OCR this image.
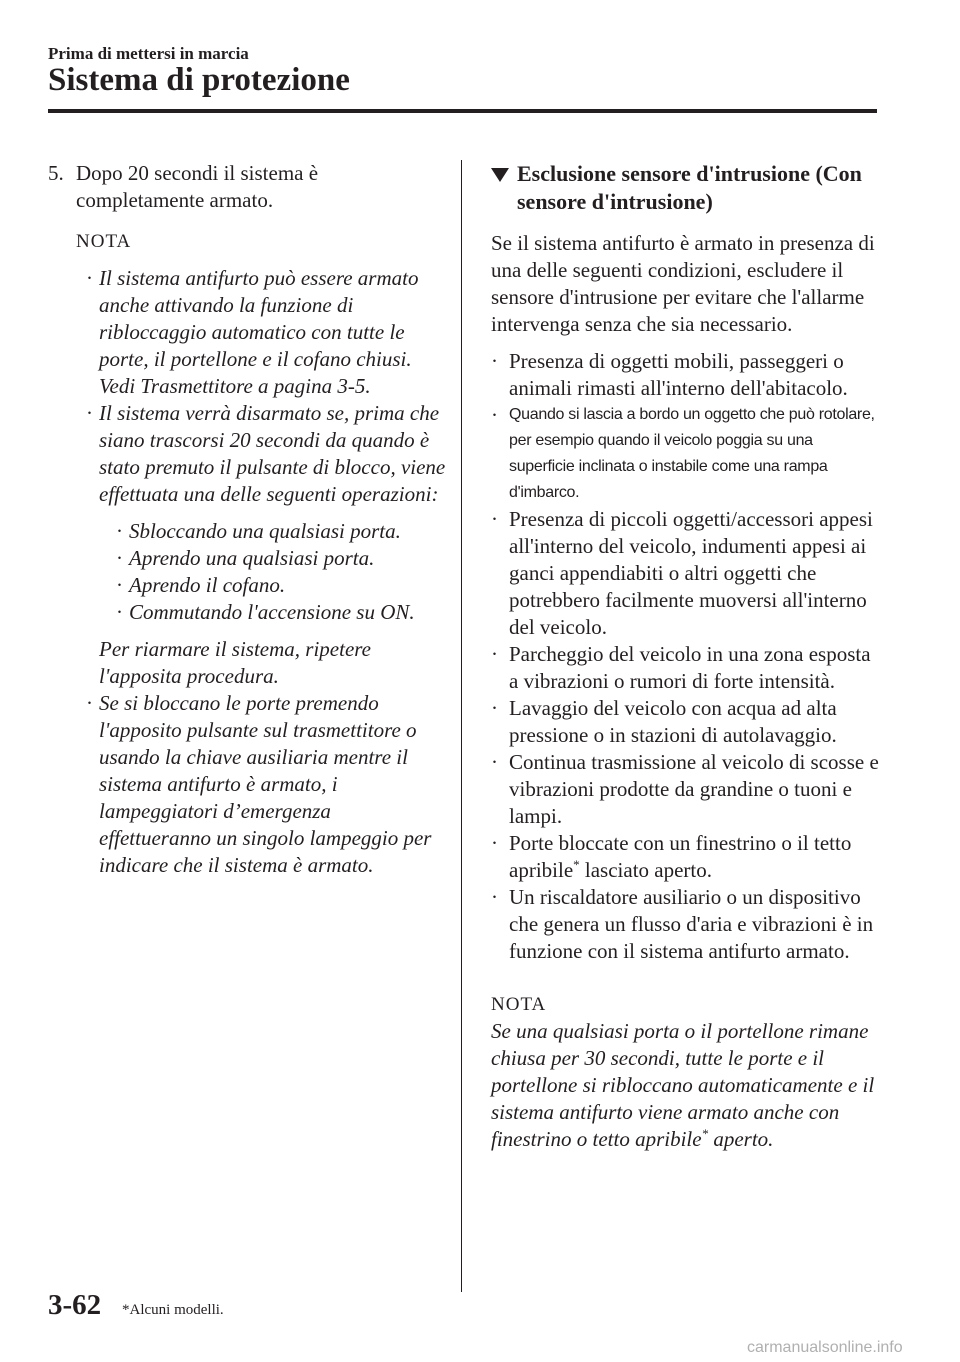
Prima di mettersi in marcia
Sistema di protezione
5. Dopo 20 secondi il sistema è completamente armato.
NOTA
· Il sistema antifurto può essere armato anche attivando la funzione di ribloccaggio automatico con tutte le porte, il portellone e il cofano chiusi.
Vedi Trasmettitore a pagina 3-5.
· Il sistema verrà disarmato se, prima che siano trascorsi 20 secondi da quando è stato premuto il pulsante di blocco, viene effettuata una delle seguenti operazioni:
· Sbloccando una qualsiasi porta.
· Aprendo una qualsiasi porta.
· Aprendo il cofano.
· Commutando l'accensione su ON.
Per riarmare il sistema, ripetere l'apposita procedura.
· Se si bloccano le porte premendo l'apposito pulsante sul trasmettitore o usando la chiave ausiliaria mentre il sistema antifurto è armato, i lampeggiatori d’emergenza effettueranno un singolo lampeggio per indicare che il sistema è armato.
Esclusione sensore d'intrusione (Con sensore d'intrusione)
Se il sistema antifurto è armato in presenza di una delle seguenti condizioni, escludere il sensore d'intrusione per evitare che l'allarme intervenga senza che sia necessario.
· Presenza di oggetti mobili, passeggeri o animali rimasti all'interno dell'abitacolo.
· Quando si lascia a bordo un oggetto che può rotolare, per esempio quando il veicolo poggia su una superficie inclinata o instabile come una rampa d'imbarco.
· Presenza di piccoli oggetti/accessori appesi all'interno del veicolo, indumenti appesi ai ganci appendiabiti o altri oggetti che potrebbero facilmente muoversi all'interno del veicolo.
· Parcheggio del veicolo in una zona esposta a vibrazioni o rumori di forte intensità.
· Lavaggio del veicolo con acqua ad alta pressione o in stazioni di autolavaggio.
· Continua trasmissione al veicolo di scosse e vibrazioni prodotte da grandine o tuoni e lampi.
· Porte bloccate con un finestrino o il tetto apribile* lasciato aperto.
· Un riscaldatore ausiliario o un dispositivo che genera un flusso d'aria e vibrazioni è in funzione con il sistema antifurto armato.
NOTA
Se una qualsiasi porta o il portellone rimane chiusa per 30 secondi, tutte le porte e il portellone si ribloccano automaticamente e il sistema antifurto viene armato anche con finestrino o tetto apribile* aperto.
3-62 *Alcuni modelli.
carmanualsonline.info
